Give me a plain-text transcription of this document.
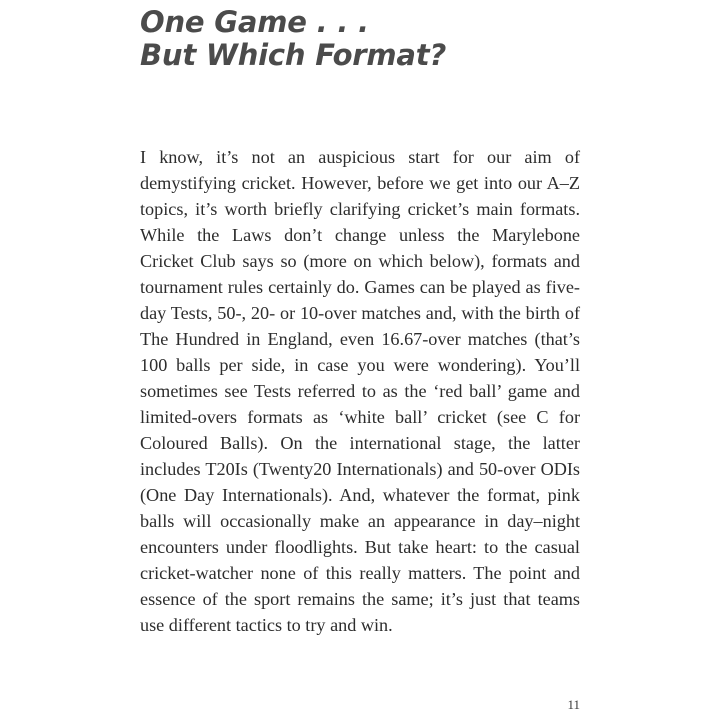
One Game . . .
But Which Format?

I know, it’s not an auspicious start for our aim of demystifying cricket. However, before we get into our A–Z topics, it’s worth briefly clarifying cricket’s main formats. While the Laws don’t change unless the Marylebone Cricket Club says so (more on which below), formats and tournament rules certainly do. Games can be played as five-day Tests, 50-, 20- or 10-over matches and, with the birth of The Hundred in England, even 16.67-over matches (that’s 100 balls per side, in case you were wondering). You’ll sometimes see Tests referred to as the ‘red ball’ game and limited-overs formats as ‘white ball’ cricket (see C for Coloured Balls). On the international stage, the latter includes T20Is (Twenty20 Internationals) and 50-over ODIs (One Day Internationals). And, whatever the format, pink balls will occasionally make an appearance in day–night encounters under floodlights. But take heart: to the casual cricket-watcher none of this really matters. The point and essence of the sport remains the same; it’s just that teams use different tactics to try and win.

11
